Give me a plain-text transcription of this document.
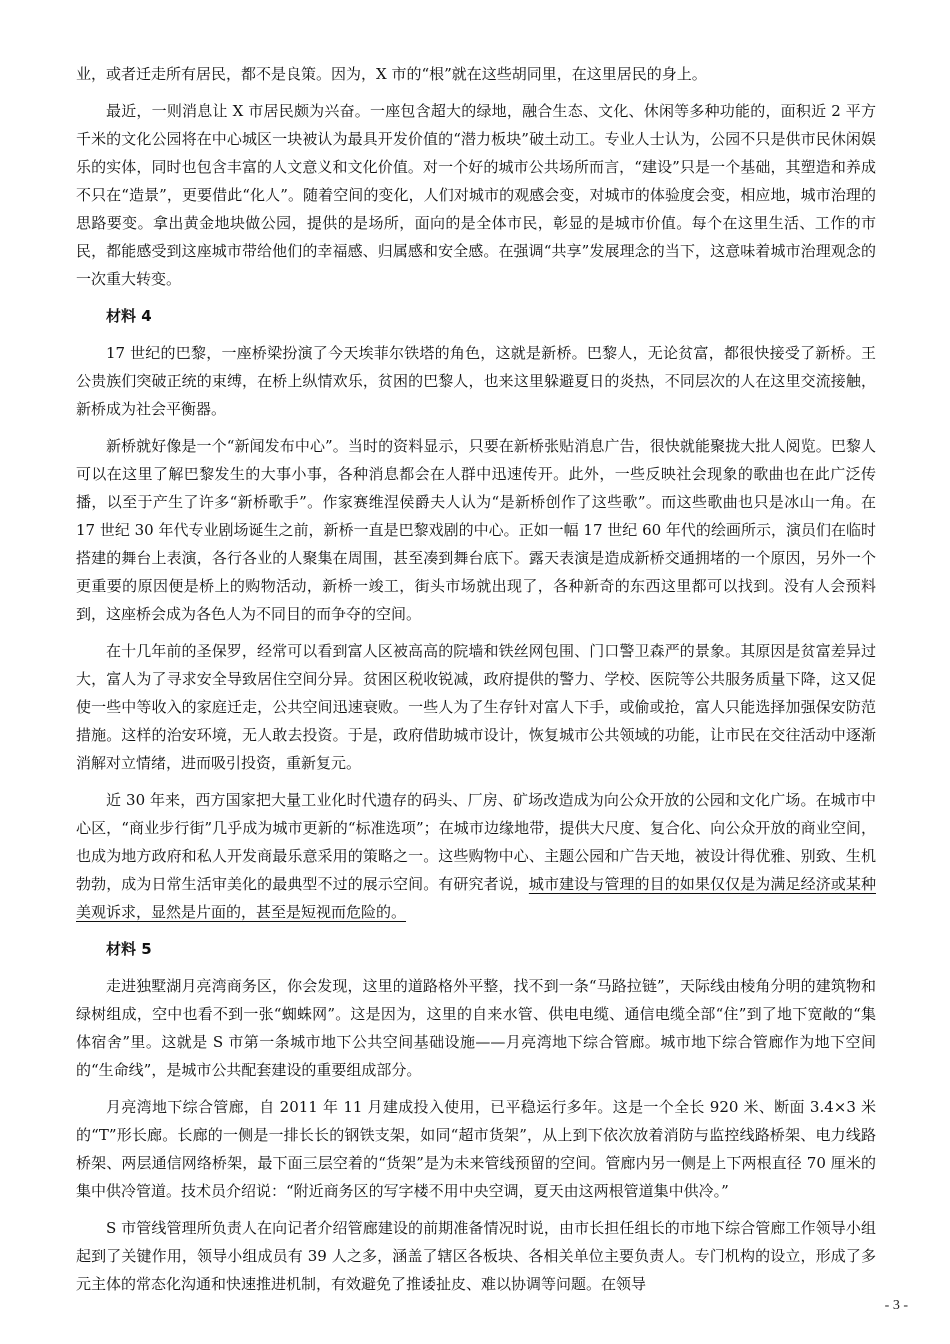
业，或者迁走所有居民，都不是良策。因为，X 市的“根”就在这些胡同里，在这里居民的身上。

最近，一则消息让 X 市居民颇为兴奋。一座包含超大的绿地，融合生态、文化、休闲等多种功能的，面积近 2 平方千米的文化公园将在中心城区一块被认为最具开发价值的“潜力板块”破土动工。专业人士认为，公园不只是供市民休闲娱乐的实体，同时也包含丰富的人文意义和文化价值。对一个好的城市公共场所而言，“建设”只是一个基础，其塑造和养成不只在“造景”，更要借此“化人”。随着空间的变化，人们对城市的观感会变，对城市的体验度会变，相应地，城市治理的思路要变。拿出黄金地块做公园，提供的是场所，面向的是全体市民，彰显的是城市价值。每个在这里生活、工作的市民，都能感受到这座城市带给他们的幸福感、归属感和安全感。在强调“共享”发展理念的当下，这意味着城市治理观念的一次重大转变。

材料 4

17 世纪的巴黎，一座桥梁扮演了今天埃菲尔铁塔的角色，这就是新桥。巴黎人，无论贫富，都很快接受了新桥。王公贵族们突破正统的束缚，在桥上纵情欢乐，贫困的巴黎人，也来这里躲避夏日的炎热，不同层次的人在这里交流接触，新桥成为社会平衡器。

新桥就好像是一个“新闻发布中心”。当时的资料显示，只要在新桥张贴消息广告，很快就能聚拢大批人阅览。巴黎人可以在这里了解巴黎发生的大事小事，各种消息都会在人群中迅速传开。此外，一些反映社会现象的歌曲也在此广泛传播，以至于产生了许多“新桥歌手”。作家赛维涅侯爵夫人认为“是新桥创作了这些歌”。而这些歌曲也只是冰山一角。在 17 世纪 30 年代专业剧场诞生之前，新桥一直是巴黎戏剧的中心。正如一幅 17 世纪 60 年代的绘画所示，演员们在临时搭建的舞台上表演，各行各业的人聚集在周围，甚至凑到舞台底下。露天表演是造成新桥交通拥堵的一个原因，另外一个更重要的原因便是桥上的购物活动，新桥一竣工，街头市场就出现了，各种新奇的东西这里都可以找到。没有人会预料到，这座桥会成为各色人为不同目的而争夺的空间。

在十几年前的圣保罗，经常可以看到富人区被高高的院墙和铁丝网包围、门口警卫森严的景象。其原因是贫富差异过大，富人为了寻求安全导致居住空间分异。贫困区税收锐减，政府提供的警力、学校、医院等公共服务质量下降，这又促使一些中等收入的家庭迁走，公共空间迅速衰败。一些人为了生存针对富人下手，或偷或抢，富人只能选择加强保安防范措施。这样的治安环境，无人敢去投资。于是，政府借助城市设计，恢复城市公共领域的功能，让市民在交往活动中逐渐消解对立情绪，进而吸引投资，重新复元。

近 30 年来，西方国家把大量工业化时代遗存的码头、厂房、矿场改造成为向公众开放的公园和文化广场。在城市中心区，“商业步行街”几乎成为城市更新的“标准选项”；在城市边缘地带，提供大尺度、复合化、向公众开放的商业空间，也成为地方政府和私人开发商最乐意采用的策略之一。这些购物中心、主题公园和广告天地，被设计得优雅、别致、生机勃勃，成为日常生活审美化的最典型不过的展示空间。有研究者说，城市建设与管理的目的如果仅仅是为满足经济或某种美观诉求，显然是片面的，甚至是短视而危险的。

材料 5

走进独墅湖月亮湾商务区，你会发现，这里的道路格外平整，找不到一条“马路拉链”，天际线由棱角分明的建筑物和绿树组成，空中也看不到一张“蜘蛛网”。这是因为，这里的自来水管、供电电缆、通信电缆全部“住”到了地下宽敞的“集体宿舍”里。这就是 S 市第一条城市地下公共空间基础设施——月亮湾地下综合管廊。城市地下综合管廊作为地下空间的“生命线”，是城市公共配套建设的重要组成部分。

月亮湾地下综合管廊，自 2011 年 11 月建成投入使用，已平稳运行多年。这是一个全长 920 米、断面 3.4×3 米的“T”形长廊。长廊的一侧是一排长长的钢铁支架，如同“超市货架”，从上到下依次放着消防与监控线路桥架、电力线路桥架、两层通信网络桥架，最下面三层空着的“货架”是为未来管线预留的空间。管廊内另一侧是上下两根直径 70 厘米的集中供冷管道。技术员介绍说：“附近商务区的写字楼不用中央空调，夏天由这两根管道集中供冷。”

S 市管线管理所负责人在向记者介绍管廊建设的前期准备情况时说，由市长担任组长的市地下综合管廊工作领导小组起到了关键作用，领导小组成员有 39 人之多，涵盖了辖区各板块、各相关单位主要负责人。专门机构的设立，形成了多元主体的常态化沟通和快速推进机制，有效避免了推诿扯皮、难以协调等问题。在领导

- 3 -
